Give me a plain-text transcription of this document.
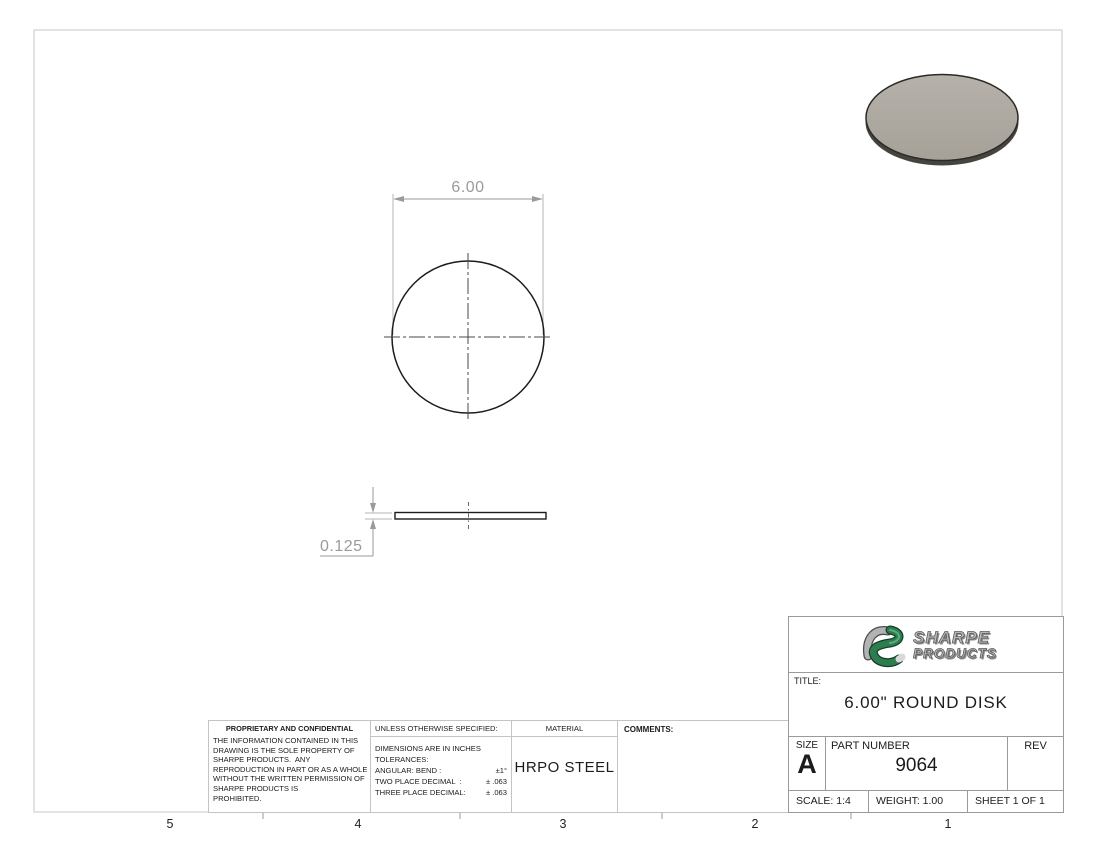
6.00
0.125
5	4	3	2	1
PROPRIETARY AND CONFIDENTIAL
THE INFORMATION CONTAINED IN THIS
DRAWING IS THE SOLE PROPERTY OF
SHARPE PRODUCTS.  ANY
REPRODUCTION IN PART OR AS A WHOLE
WITHOUT THE WRITTEN PERMISSION OF
SHARPE PRODUCTS IS
PROHIBITED.
UNLESS OTHERWISE SPECIFIED:
DIMENSIONS ARE IN INCHES
TOLERANCES:
ANGULAR: BEND :	±1°
TWO PLACE DECIMAL  :	± .063
THREE PLACE DECIMAL:	± .063
MATERIAL
HRPO STEEL
COMMENTS:
SHARPE
PRODUCTS
TITLE:
6.00" ROUND DISK
SIZE
A
PART NUMBER
9064
REV
SCALE: 1:4	WEIGHT: 1.00	SHEET 1 OF 1
